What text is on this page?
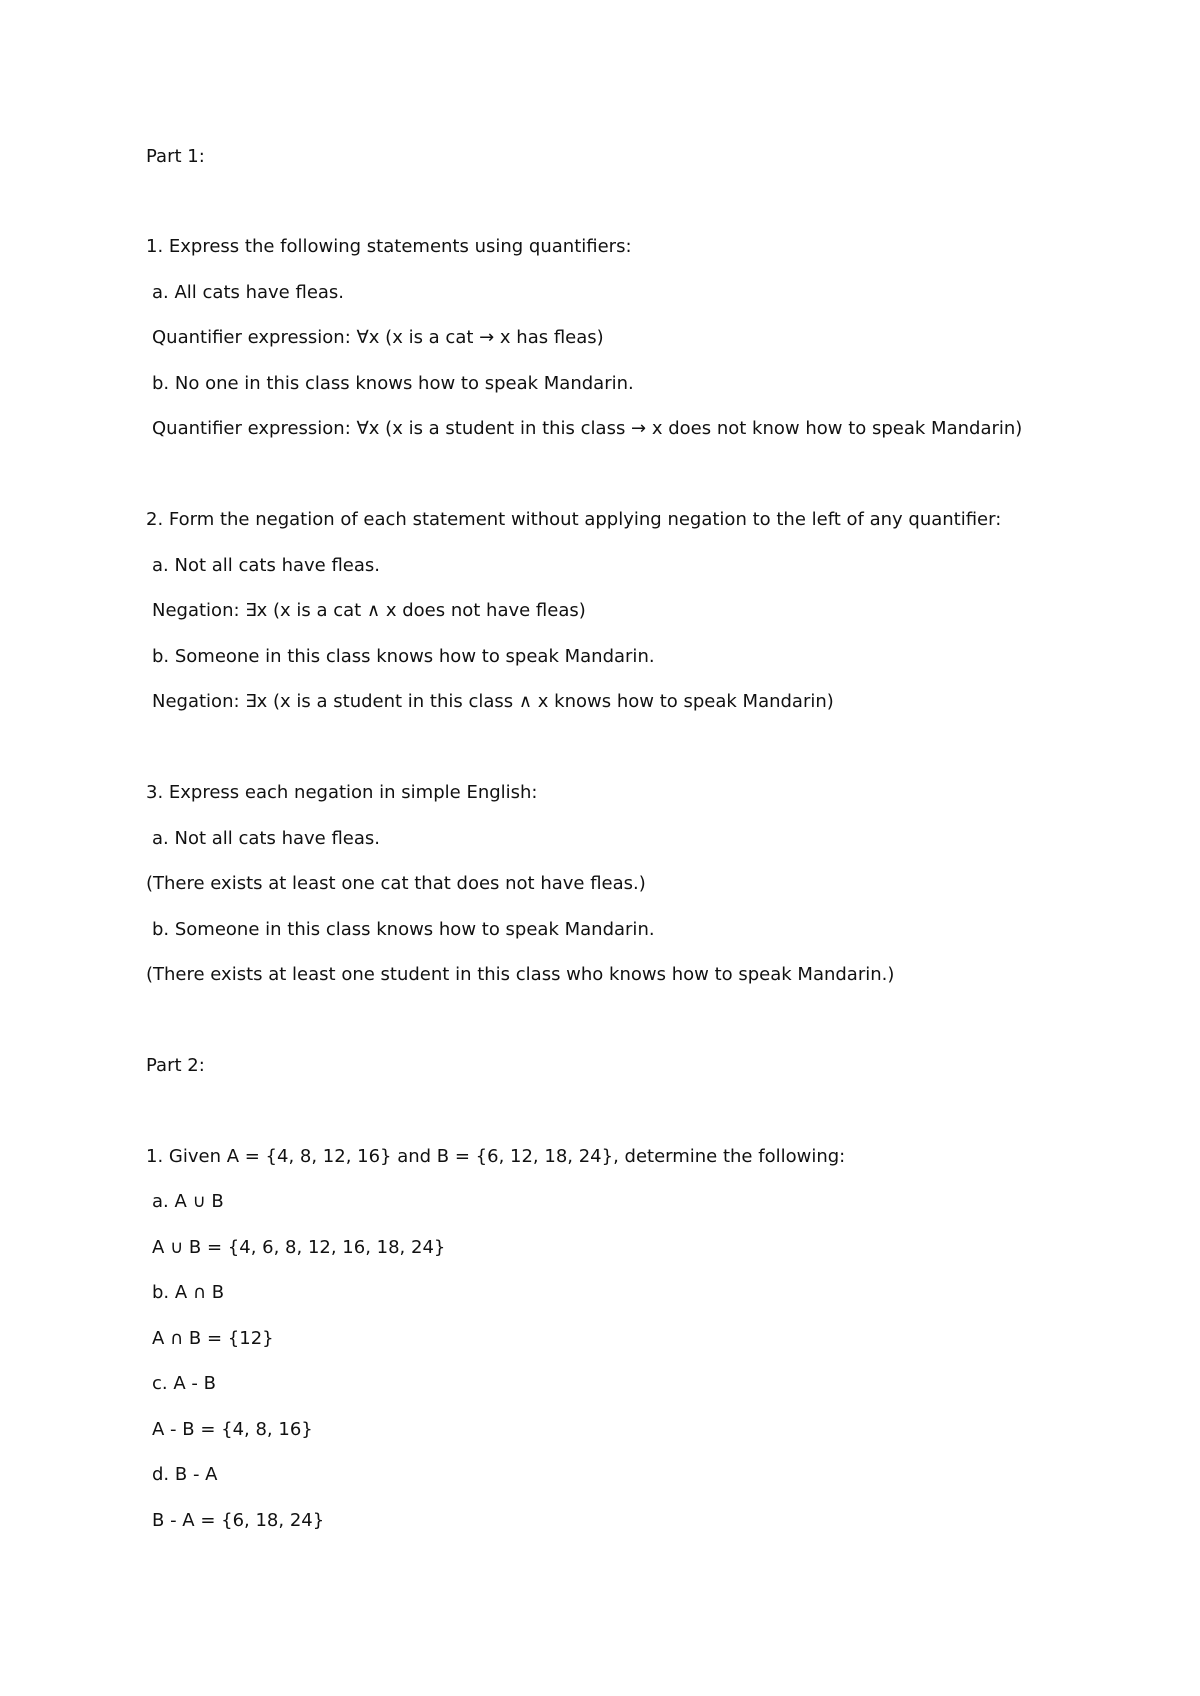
Part 1:
1. Express the following statements using quantifiers:
a. All cats have fleas.
Quantifier expression: ∀x (x is a cat → x has fleas)
b. No one in this class knows how to speak Mandarin.
Quantifier expression: ∀x (x is a student in this class → x does not know how to speak Mandarin)
2. Form the negation of each statement without applying negation to the left of any quantifier:
a. Not all cats have fleas.
Negation: ∃x (x is a cat ∧ x does not have fleas)
b. Someone in this class knows how to speak Mandarin.
Negation: ∃x (x is a student in this class ∧ x knows how to speak Mandarin)
3. Express each negation in simple English:
a. Not all cats have fleas.
(There exists at least one cat that does not have fleas.)
b. Someone in this class knows how to speak Mandarin.
(There exists at least one student in this class who knows how to speak Mandarin.)
Part 2:
1. Given A = {4, 8, 12, 16} and B = {6, 12, 18, 24}, determine the following:
a. A ∪ B
A ∪ B = {4, 6, 8, 12, 16, 18, 24}
b. A ∩ B
A ∩ B = {12}
c. A - B
A - B = {4, 8, 16}
d. B - A
B - A = {6, 18, 24}
